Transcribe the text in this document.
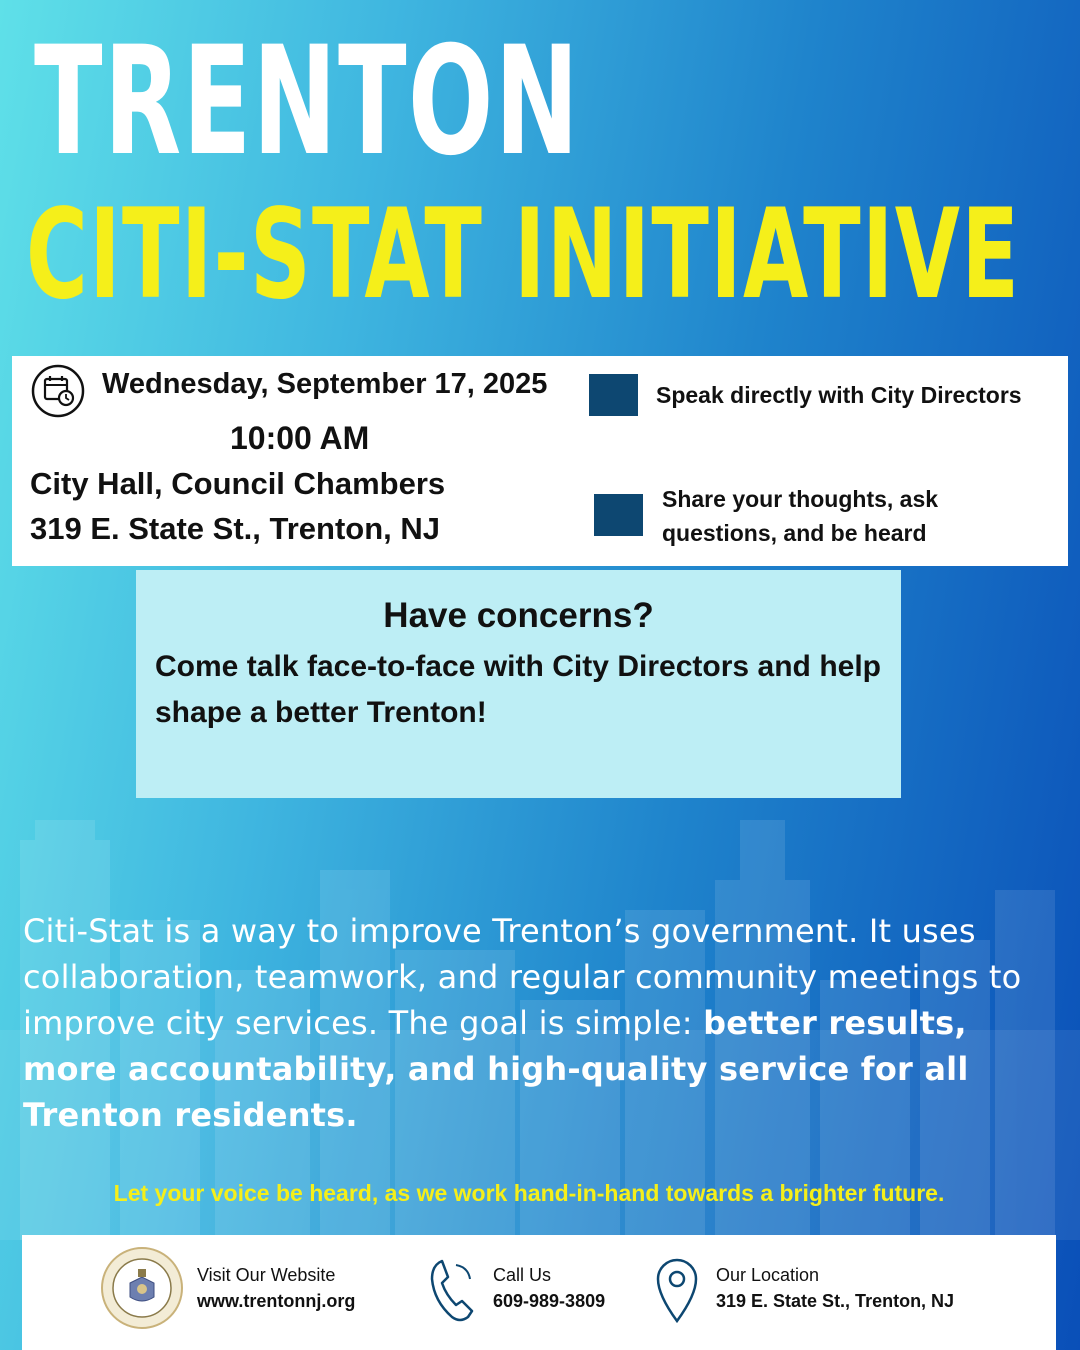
TRENTON
CITI-STAT INITIATIVE
Wednesday, September 17, 2025
10:00 AM
City Hall, Council Chambers
319 E. State St., Trenton, NJ
Speak directly with City Directors
Share your thoughts, ask questions, and be heard
Have concerns?
Come talk face-to-face with City Directors and help shape a better Trenton!
Citi-Stat is a way to improve Trenton’s government. It uses collaboration, teamwork, and regular community meetings to improve city services. The goal is simple: better results, more accountability, and high-quality service for all Trenton residents.
Let your voice be heard, as we work hand-in-hand towards a brighter future.
Visit Our Website
www.trentonnj.org
Call Us
609-989-3809
Our Location
319 E. State St., Trenton, NJ
